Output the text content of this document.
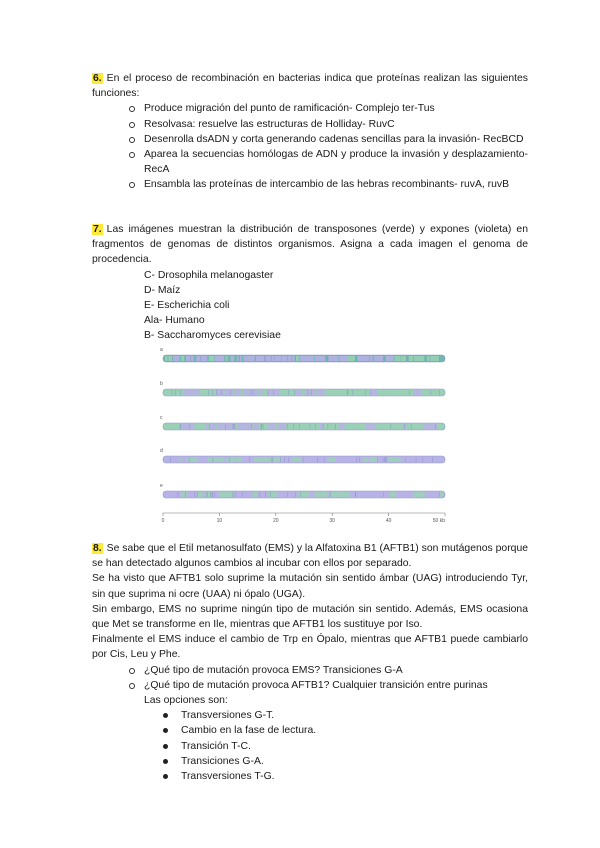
6. En el proceso de recombinación en bacterias indica que proteínas realizan las siguientes funciones:

Produce migración del punto de ramificación- Complejo ter-Tus
Resolvasa: resuelve las estructuras de Holliday- RuvC
Desenrolla dsADN y corta generando cadenas sencillas para la invasión- RecBCD
Aparea la secuencias homólogas de ADN y produce la invasión y desplazamiento- RecA
Ensambla las proteínas de intercambio de las hebras recombinants- ruvA, ruvB

7. Las imágenes muestran la distribución de transposones (verde) y expones (violeta) en fragmentos de genomas de distintos organismos. Asigna a cada imagen el genoma de procedencia.

C- Drosophila melanogaster
D- Maíz
E- Escherichia coli
Ala- Humano
B- Saccharomyces cerevisiae
a
b
c
d
e
0	10	20	30	40	50 kb

8. Se sabe que el Etil metanosulfato (EMS) y la Alfatoxina B1 (AFTB1) son mutágenos porque se han detectado algunos cambios al incubar con ellos por separado.

Se ha visto que AFTB1 solo suprime la mutación sin sentido ámbar (UAG) introduciendo Tyr, sin que suprima ni ocre (UAA) ni ópalo (UGA).

Sin embargo, EMS no suprime ningún tipo de mutación sin sentido. Además, EMS ocasiona que Met se transforme en Ile, mientras que AFTB1 los sustituye por Iso.

Finalmente el EMS induce el cambio de Trp en Ópalo, mientras que AFTB1 puede cambiarlo por Cis, Leu y Phe.

¿Qué tipo de mutación provoca EMS? Transiciones G-A
¿Qué tipo de mutación provoca AFTB1? Cualquier transición entre purinas

Las opciones son:

Transversiones G-T.
Cambio en la fase de lectura.
Transición T-C.
Transiciones G-A.
Transversiones T-G.
